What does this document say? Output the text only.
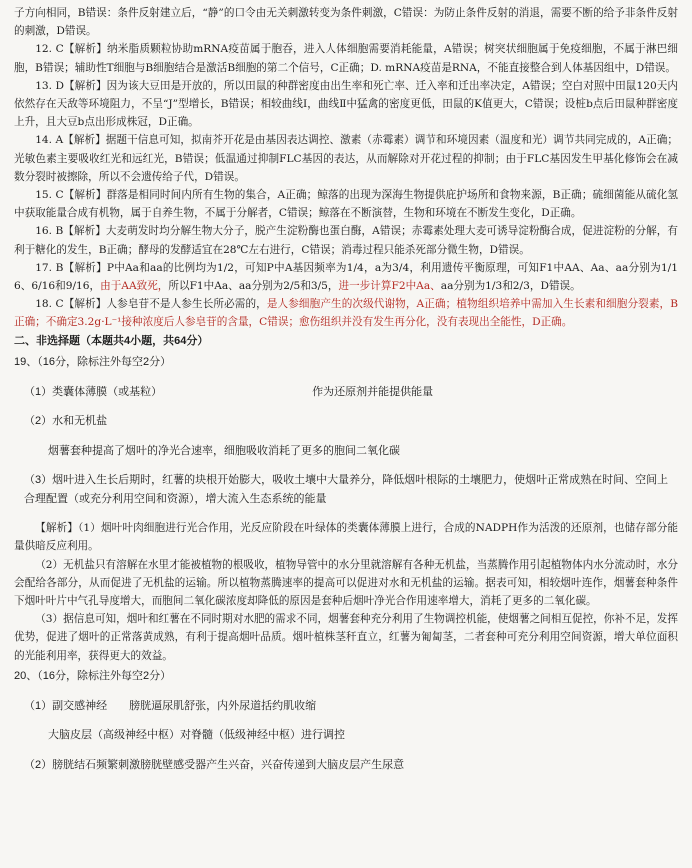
子方向相同，B错误：条件反射建立后，“静”的口令由无关刺激转变为条件刺激，C错误：为防止条件反射的消退，需要不断的给予非条件反射的刺激，D错误。

12. C【解析】纳米脂质颗粒协助mRNA疫苗属于胞吞，进入人体细胞需要消耗能量，A错误；树突状细胞属于免疫细胞，不属于淋巴细胞，B错误；辅助性T细胞与B细胞结合是激活B细胞的第二个信号，C正确；D. mRNA疫苗是RNA，不能直接整合到人体基因组中，D错误。

13. D【解析】因为该大豆田是开放的，所以田鼠的种群密度由出生率和死亡率、迁入率和迁出率决定，A错误；空白对照中田鼠120天内依然存在天敌等环境阻力，不呈“J”型增长，B错误；相较曲线Ⅰ，曲线Ⅱ中猛禽的密度更低，田鼠的K值更大，C错误；设桩b点后田鼠种群密度上升，且大豆b点出形成株冠，D正确。

14. A【解析】据题干信息可知，拟南芥开花是由基因表达调控、激素（赤霉素）调节和环境因素（温度和光）调节共同完成的，A正确；光敏色素主要吸收红光和远红光，B错误；低温通过抑制FLC基因的表达，从而解除对开花过程的抑制；由于FLC基因发生甲基化修饰会在减数分裂时被擦除，所以不会遗传给子代，D错误。

15. C【解析】群落是相同时间内所有生物的集合，A正确；鲸落的出现为深海生物提供庇护场所和食物来源，B正确；硫细菌能从硫化氢中获取能量合成有机物，属于自养生物，不属于分解者，C错误；鲸落在不断演替，生物和环境在不断发生变化，D正确。

16. B【解析】大麦萌发时均分解生物大分子，脱产生淀粉酶也蛋白酶，A错误；赤霉素处理大麦可诱导淀粉酶合成，促进淀粉的分解，有利于糖化的发生，B正确；酵母的发酵适宜在28℃左右进行，C错误；消毒过程只能杀死部分微生物，D错误。

17. B【解析】P中Aa和aa的比例均为1/2，可知P中A基因频率为1/4，a为3/4，利用遗传平衡原理，可知F1中AA、Aa、aa分别为1/16、6/16和9/16，由于AA致死，所以F1中Aa、aa分别为2/5和3/5，进一步计算F2中Aa、aa分别为1/3和2/3，D错误。

18. C【解析】人参皂苷不是人参生长所必需的，是人参细胞产生的次级代谢物，A正确；植物组织培养中需加入生长素和细胞分裂素，B正确；不确定3.2g·L⁻¹接种浓度后人参皂苷的含量，C错误；愈伤组织并没有发生再分化，没有表现出全能性，D正确。

二、非选择题（本题共4小题，共64分）

19、（16分，除标注外每空2分）

（1）类囊体薄膜（或基粒）	作为还原剂并能提供能量

（2）水和无机盐

烟薯套种提高了烟叶的净光合速率，细胞吸收消耗了更多的胞间二氧化碳

（3）烟叶进入生长后期时，红薯的块根开始膨大，吸收土壤中大量养分，降低烟叶根际的土壤肥力，使烟叶正常成熟在时间、空间上合理配置（或充分利用空间和资源），增大流入生态系统的能量

【解析】（1）烟叶叶肉细胞进行光合作用，光反应阶段在叶绿体的类囊体薄膜上进行，合成的NADPH作为活泼的还原剂，也储存部分能量供暗反应利用。

（2）无机盐只有溶解在水里才能被植物的根吸收，植物导管中的水分里就溶解有各种无机盐，当蒸腾作用引起植物体内水分流动时，水分会配给各部分，从而促进了无机盐的运输。所以植物蒸腾速率的提高可以促进对水和无机盐的运输。据表可知，相较烟叶连作，烟薯套种条件下烟叶叶片中气孔导度增大，而胞间二氧化碳浓度却降低的原因是套种后烟叶净光合作用速率增大，消耗了更多的二氧化碳。

（3）据信息可知，烟叶和红薯在不同时期对水肥的需求不同，烟薯套种充分利用了生物调控机能，使烟薯之间相互促控，你补不足，发挥优势，促进了烟叶的正常落黄成熟，有利于提高烟叶品质。烟叶植株茎秆直立，红薯为匍匐茎，二者套种可充分利用空间资源，增大单位面积的光能利用率，获得更大的效益。

20、（16分，除标注外每空2分）

（1）副交感神经 膀胱逼尿肌舒张，内外尿道括约肌收缩

大脑皮层（高级神经中枢）对脊髓（低级神经中枢）进行调控

（2）膀胱结石频繁刺激膀胱壁感受器产生兴奋，兴奋传递到大脑皮层产生尿意
